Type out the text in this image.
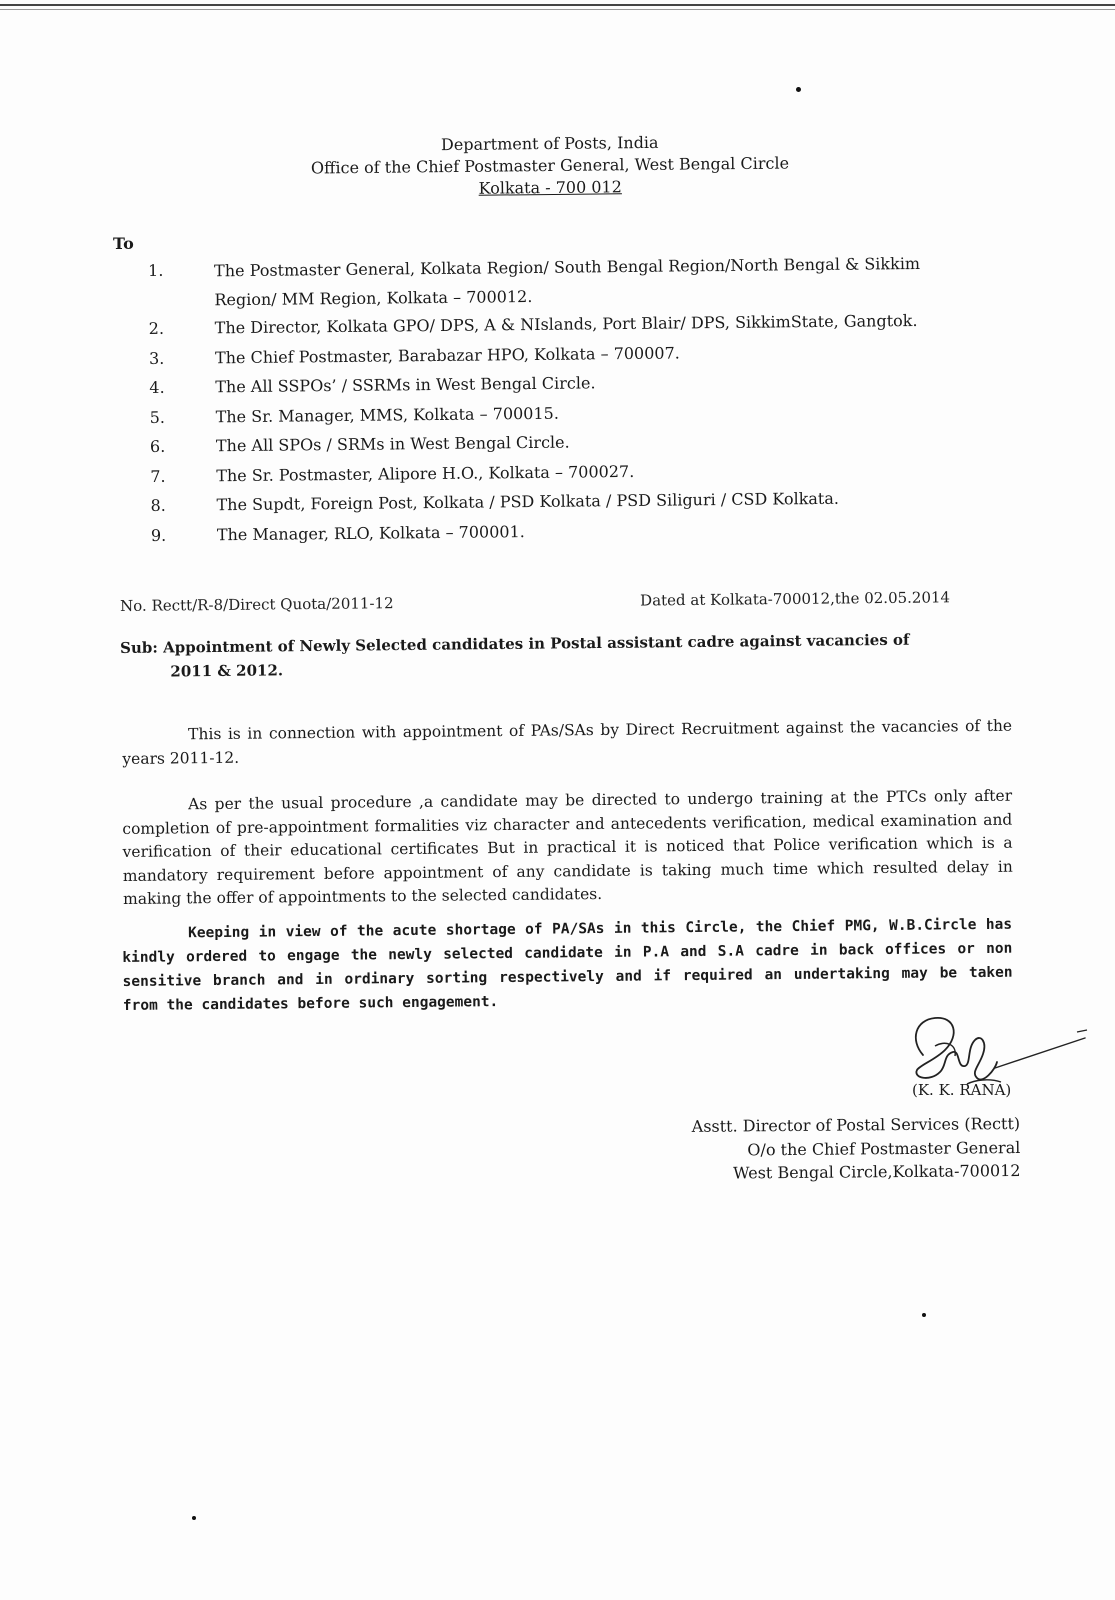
Department of Posts, India
Office of the Chief Postmaster General, West Bengal Circle
Kolkata - 700 012
To
1.	The Postmaster General, Kolkata Region/ South Bengal Region/North Bengal & Sikkim Region/ MM Region, Kolkata – 700012.
2.	The Director, Kolkata GPO/ DPS, A & NIslands, Port Blair/ DPS, SikkimState, Gangtok.
3.	The Chief Postmaster, Barabazar HPO, Kolkata – 700007.
4.	The All SSPOs’ / SSRMs in West Bengal Circle.
5.	The Sr. Manager, MMS, Kolkata – 700015.
6.	The All SPOs / SRMs in West Bengal Circle.
7.	The Sr. Postmaster, Alipore H.O., Kolkata – 700027.
8.	The Supdt, Foreign Post, Kolkata / PSD Kolkata / PSD Siliguri / CSD Kolkata.
9.	The Manager, RLO, Kolkata – 700001.
No. Rectt/R-8/Direct Quota/2011-12	Dated at Kolkata-700012,the 02.05.2014
Sub: Appointment of Newly Selected candidates in Postal assistant cadre against vacancies of
2011 & 2012.
This is in connection with appointment of PAs/SAs by Direct Recruitment against the vacancies of the years 2011-12.
As per the usual procedure ,a candidate may be directed to undergo training at the PTCs only after completion of pre-appointment formalities viz character and antecedents verification, medical examination and verification of their educational certificates But in practical it is noticed that Police verification which is a mandatory requirement before appointment of any candidate is taking much time which resulted delay in making the offer of appointments to the selected candidates.
Keeping in view of the acute shortage of PA/SAs in this Circle, the Chief PMG, W.B.Circle has kindly ordered to engage the newly selected candidate in P.A and S.A cadre in back offices or non sensitive branch and in ordinary sorting respectively and if required an undertaking may be taken from the candidates before such engagement.
(K. K. RANA)
Asstt. Director of Postal Services (Rectt)
O/o the Chief Postmaster General
West Bengal Circle,Kolkata-700012
